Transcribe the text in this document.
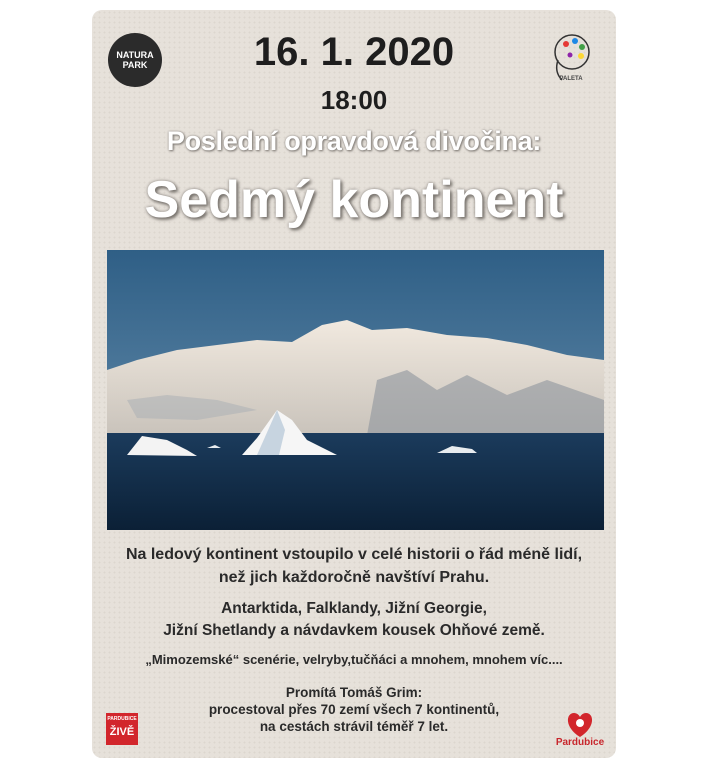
NATURA
PARK
PALETA
16. 1. 2020
18:00
Poslední opravdová divočina:
Sedmý kontinent
Na ledový kontinent vstoupilo v celé historii o řád méně lidí,
než jich každoročně navštíví Prahu.
Antarktida, Falklandy, Jižní Georgie,
Jižní Shetlandy a návdavkem kousek Ohňové země.
„Mimozemské“ scenérie, velryby,tučňáci a mnohem, mnohem víc....
Promítá Tomáš Grim:
procestoval přes 70 zemí všech 7 kontinentů,
na cestách strávil téměř 7 let.
PARDUBICE
ŽIVĚ
Pardubice
